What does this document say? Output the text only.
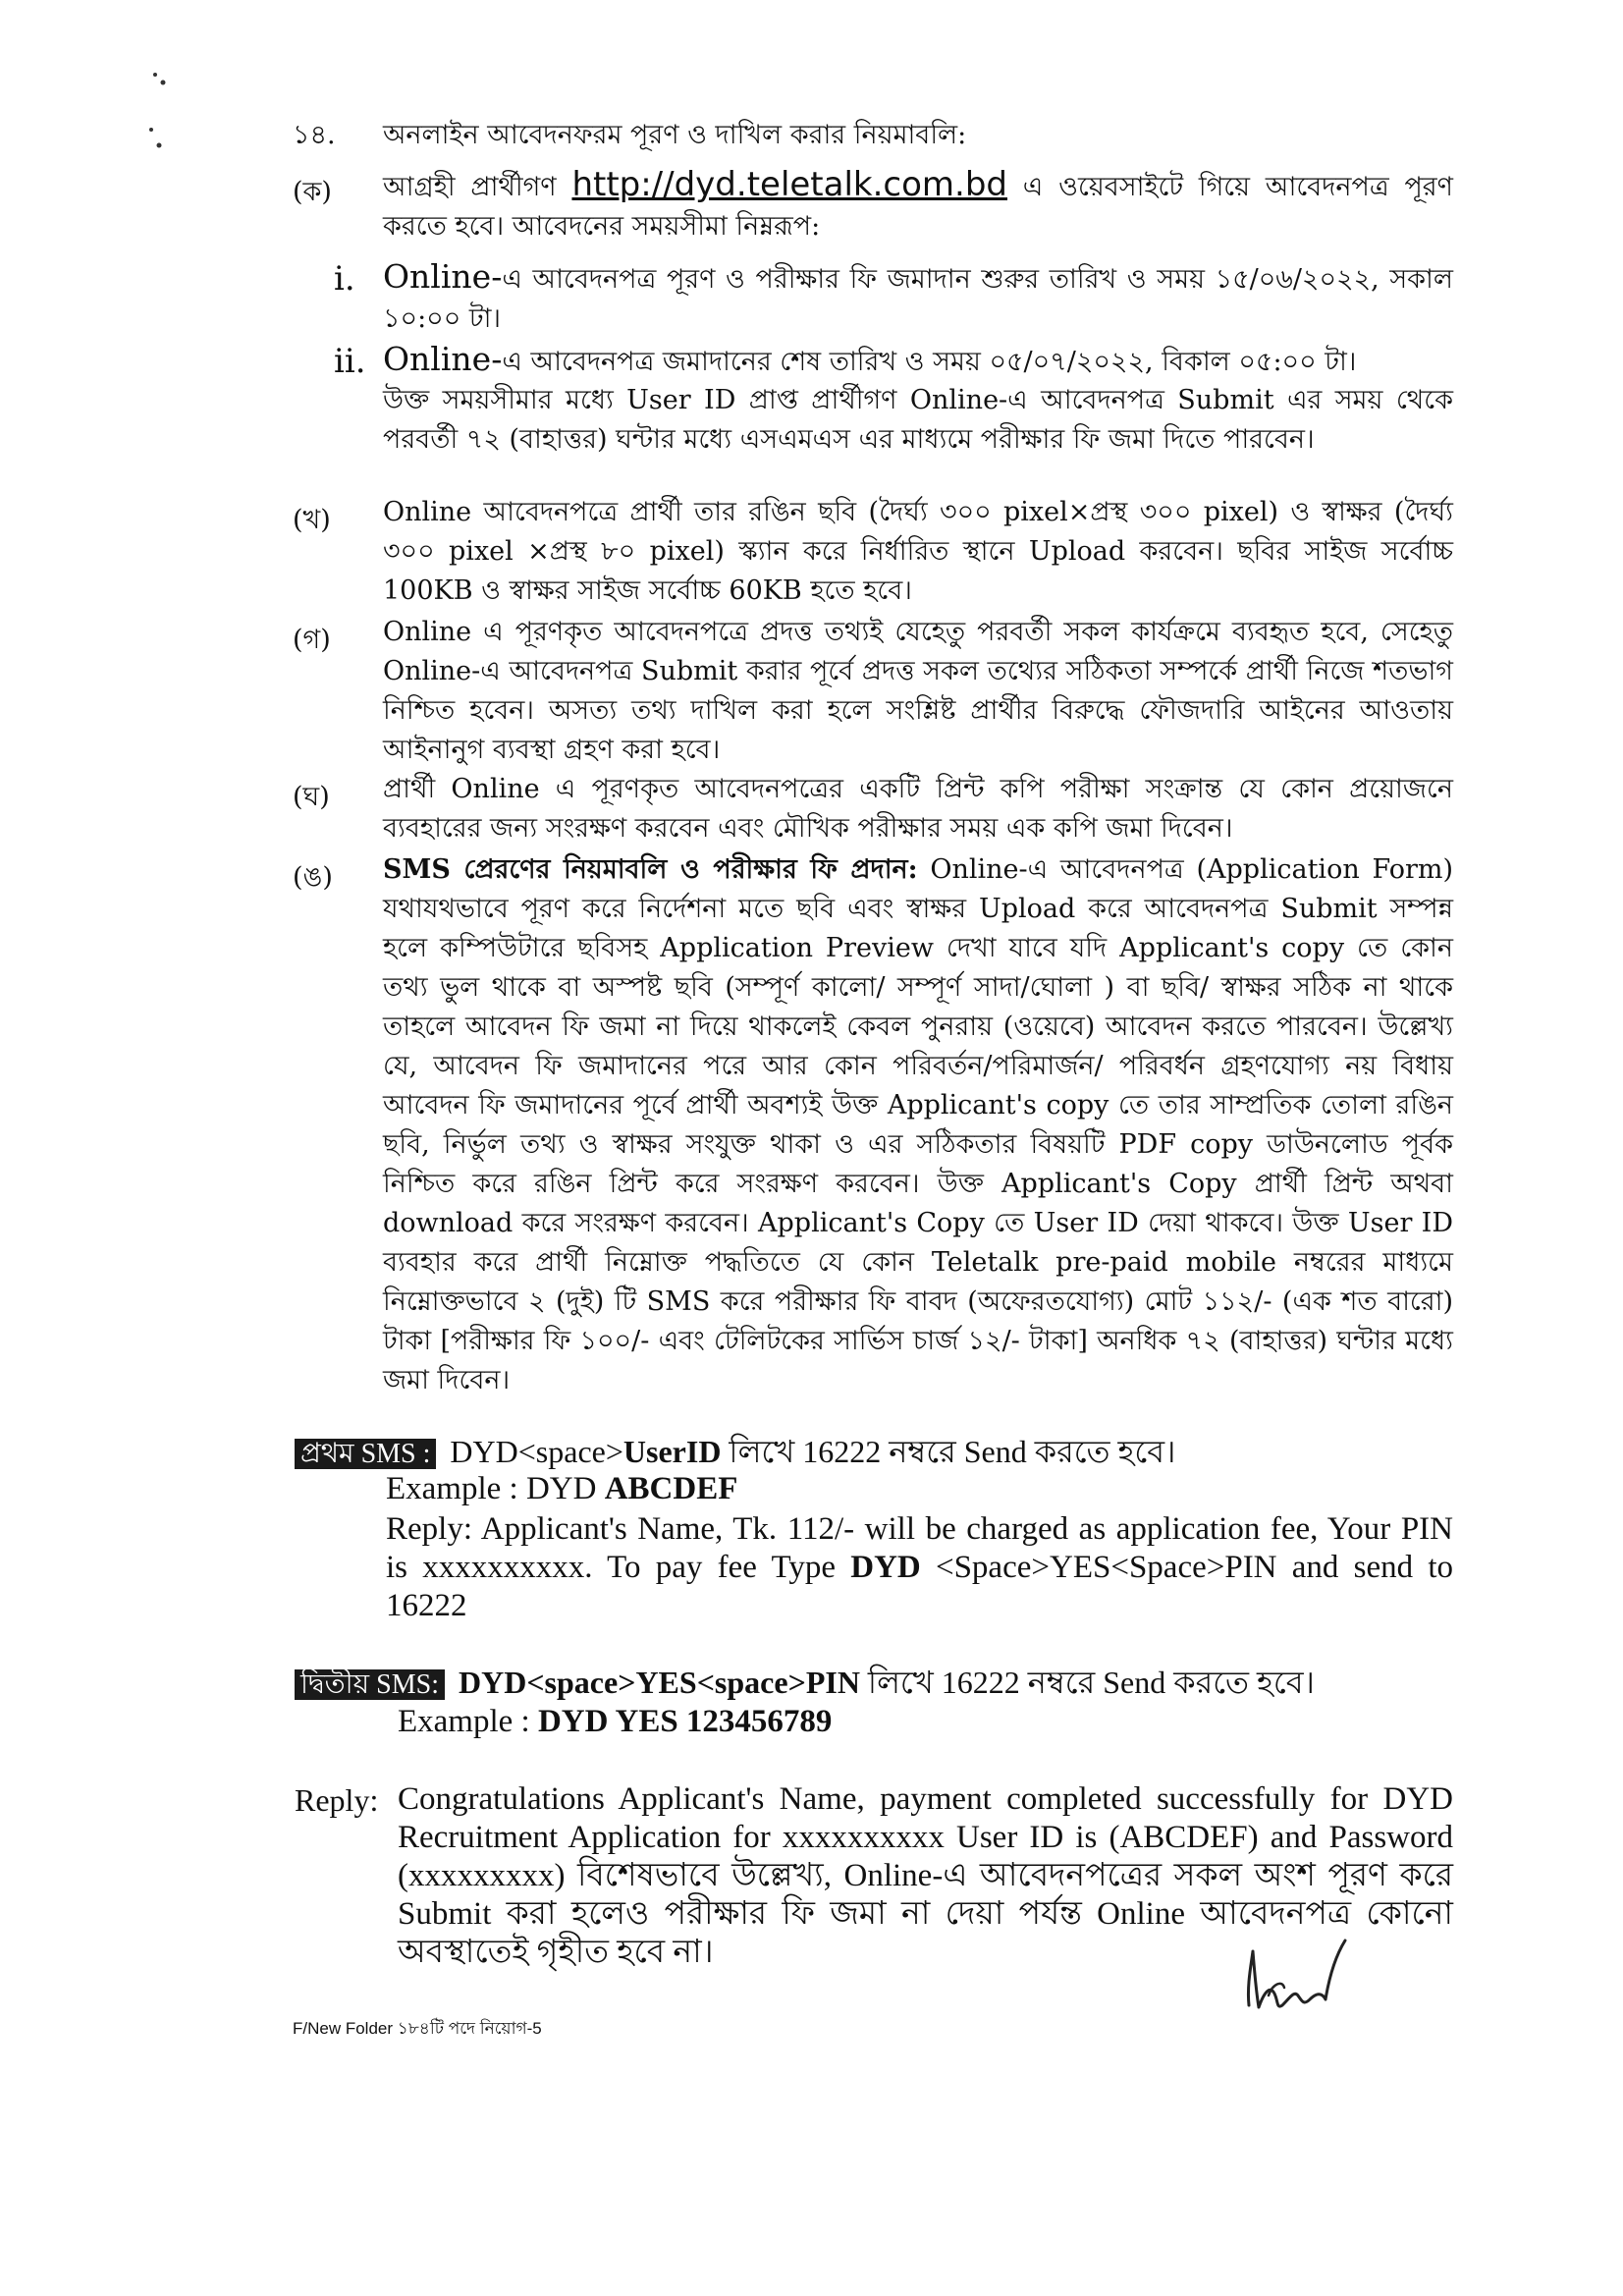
১৪.	অনলাইন আবেদনফরম পূরণ ও দাখিল করার নিয়মাবলি:
(ক)	আগ্রহী প্রার্থীগণ http://dyd.teletalk.com.bd এ ওয়েবসাইটে গিয়ে আবেদনপত্র পূরণ করতে হবে। আবেদনের সময়সীমা নিম্নরূপ:
i. Online-এ আবেদনপত্র পূরণ ও পরীক্ষার ফি জমাদান শুরুর তারিখ ও সময় ১৫/০৬/২০২২, সকাল ১০:০০ টা।
ii. Online-এ আবেদনপত্র জমাদানের শেষ তারিখ ও সময় ০৫/০৭/২০২২, বিকাল ০৫:০০ টা।
উক্ত সময়সীমার মধ্যে User ID প্রাপ্ত প্রার্থীগণ Online-এ আবেদনপত্র Submit এর সময় থেকে পরবর্তী ৭২ (বাহাত্তর) ঘন্টার মধ্যে এসএমএস এর মাধ্যমে পরীক্ষার ফি জমা দিতে পারবেন।
(খ)	Online আবেদনপত্রে প্রার্থী তার রঙিন ছবি (দৈর্ঘ্য ৩০০ pixel×প্রস্থ ৩০০ pixel) ও স্বাক্ষর (দৈর্ঘ্য ৩০০ pixel ×প্রস্থ ৮০ pixel) স্ক্যান করে নির্ধারিত স্থানে Upload করবেন। ছবির সাইজ সর্বোচ্চ 100KB ও স্বাক্ষর সাইজ সর্বোচ্চ 60KB হতে হবে।
(গ)	Online এ পূরণকৃত আবেদনপত্রে প্রদত্ত তথ্যই যেহেতু পরবর্তী সকল কার্যক্রমে ব্যবহৃত হবে, সেহেতু Online-এ আবেদনপত্র Submit করার পূর্বে প্রদত্ত সকল তথ্যের সঠিকতা সম্পর্কে প্রার্থী নিজে শতভাগ নিশ্চিত হবেন। অসত্য তথ্য দাখিল করা হলে সংশ্লিষ্ট প্রার্থীর বিরুদ্ধে ফৌজদারি আইনের আওতায় আইনানুগ ব্যবস্থা গ্রহণ করা হবে।
(ঘ)	প্রার্থী Online এ পূরণকৃত আবেদনপত্রের একটি প্রিন্ট কপি পরীক্ষা সংক্রান্ত যে কোন প্রয়োজনে ব্যবহারের জন্য সংরক্ষণ করবেন এবং মৌখিক পরীক্ষার সময় এক কপি জমা দিবেন।
(ঙ)	SMS প্রেরণের নিয়মাবলি ও পরীক্ষার ফি প্রদান: Online-এ আবেদনপত্র (Application Form) যথাযথভাবে পূরণ করে নির্দেশনা মতে ছবি এবং স্বাক্ষর Upload করে আবেদনপত্র Submit সম্পন্ন হলে কম্পিউটারে ছবিসহ Application Preview দেখা যাবে যদি Applicant's copy তে কোন তথ্য ভুল থাকে বা অস্পষ্ট ছবি (সম্পূর্ণ কালো/ সম্পূর্ণ সাদা/ঘোলা ) বা ছবি/ স্বাক্ষর সঠিক না থাকে তাহলে আবেদন ফি জমা না দিয়ে থাকলেই কেবল পুনরায় (ওয়েবে) আবেদন করতে পারবেন। উল্লেখ্য যে, আবেদন ফি জমাদানের পরে আর কোন পরিবর্তন/পরিমার্জন/ পরিবর্ধন গ্রহণযোগ্য নয় বিধায় আবেদন ফি জমাদানের পূর্বে প্রার্থী অবশ্যই উক্ত Applicant's copy তে তার সাম্প্রতিক তোলা রঙিন ছবি, নির্ভুল তথ্য ও স্বাক্ষর সংযুক্ত থাকা ও এর সঠিকতার বিষয়টি PDF copy ডাউনলোড পূর্বক নিশ্চিত করে রঙিন প্রিন্ট করে সংরক্ষণ করবেন। উক্ত Applicant's Copy প্রার্থী প্রিন্ট অথবা download করে সংরক্ষণ করবেন। Applicant's Copy তে User ID দেয়া থাকবে। উক্ত User ID ব্যবহার করে প্রার্থী নিম্নোক্ত পদ্ধতিতে যে কোন Teletalk pre-paid mobile নম্বরের মাধ্যমে নিম্নোক্তভাবে ২ (দুই) টি SMS করে পরীক্ষার ফি বাবদ (অফেরতযোগ্য) মোট ১১২/- (এক শত বারো) টাকা [পরীক্ষার ফি ১০০/- এবং টেলিটকের সার্ভিস চার্জ ১২/- টাকা] অনধিক ৭২ (বাহাত্তর) ঘন্টার মধ্যে জমা দিবেন।
প্রথম SMS : DYD<space>UserID লিখে 16222 নম্বরে Send করতে হবে।
Example : DYD ABCDEF
Reply: Applicant's Name, Tk. 112/- will be charged as application fee, Your PIN is xxxxxxxxxx. To pay fee Type DYD <Space>YES<Space>PIN and send to 16222
দ্বিতীয় SMS: DYD<space>YES<space>PIN লিখে 16222 নম্বরে Send করতে হবে।
Example : DYD YES 123456789
Reply: Congratulations Applicant's Name, payment completed successfully for DYD Recruitment Application for xxxxxxxxxx User ID is (ABCDEF) and Password (xxxxxxxxx) বিশেষভাবে উল্লেখ্য, Online-এ আবেদনপত্রের সকল অংশ পূরণ করে Submit করা হলেও পরীক্ষার ফি জমা না দেয়া পর্যন্ত Online আবেদনপত্র কোনো অবস্থাতেই গৃহীত হবে না।
F/New Folder ১৮৪টি পদে নিয়োগ-5
